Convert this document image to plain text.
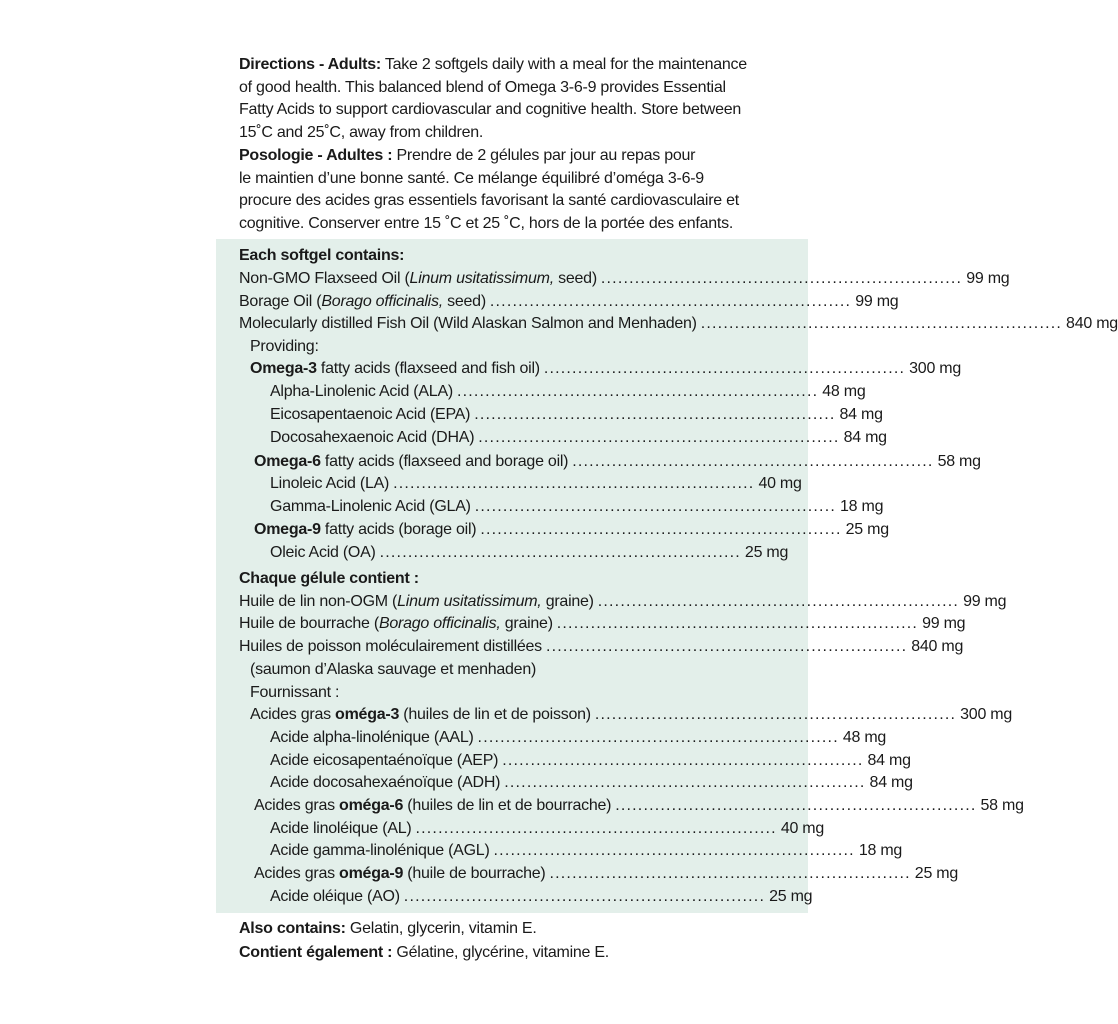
Directions - Adults: Take 2 softgels daily with a meal for the maintenance
of good health. This balanced blend of Omega 3-6-9 provides Essential
Fatty Acids to support cardiovascular and cognitive health. Store between
15˚C and 25˚C, away from children.
Posologie - Adultes : Prendre de 2 gélules par jour au repas pour
le maintien d’une bonne santé. Ce mélange équilibré d’oméga 3-6-9
procure des acides gras essentiels favorisant la santé cardiovasculaire et
cognitive. Conserver entre 15 ˚C et 25 ˚C, hors de la portée des enfants.
Each softgel contains:
Non-GMO Flaxseed Oil (Linum usitatissimum, seed) ................................................................ 99 mg
Borage Oil (Borago officinalis, seed) ................................................................ 99 mg
Molecularly distilled Fish Oil (Wild Alaskan Salmon and Menhaden) ................................................................ 840 mg
Providing:
Omega-3 fatty acids (flaxseed and fish oil) ................................................................ 300 mg
Alpha-Linolenic Acid (ALA) ................................................................ 48 mg
Eicosapentaenoic Acid (EPA) ................................................................ 84 mg
Docosahexaenoic Acid (DHA) ................................................................ 84 mg
Omega-6 fatty acids (flaxseed and borage oil) ................................................................ 58 mg
Linoleic Acid (LA) ................................................................ 40 mg
Gamma-Linolenic Acid (GLA) ................................................................ 18 mg
Omega-9 fatty acids (borage oil) ................................................................ 25 mg
Oleic Acid (OA) ................................................................ 25 mg
Chaque gélule contient :
Huile de lin non-OGM (Linum usitatissimum, graine) ................................................................ 99 mg
Huile de bourrache (Borago officinalis, graine) ................................................................ 99 mg
Huiles de poisson moléculairement distillées ................................................................ 840 mg
(saumon d’Alaska sauvage et menhaden)
Fournissant :
Acides gras oméga-3 (huiles de lin et de poisson) ................................................................ 300 mg
Acide alpha-linolénique (AAL) ................................................................ 48 mg
Acide eicosapentaénoïque (AEP) ................................................................ 84 mg
Acide docosahexaénoïque (ADH) ................................................................ 84 mg
Acides gras oméga-6 (huiles de lin et de bourrache) ................................................................ 58 mg
Acide linoléique (AL) ................................................................ 40 mg
Acide gamma-linolénique (AGL) ................................................................ 18 mg
Acides gras oméga-9 (huile de bourrache) ................................................................ 25 mg
Acide oléique (AO) ................................................................ 25 mg
Also contains: Gelatin, glycerin, vitamin E.
Contient également : Gélatine, glycérine, vitamine E.
